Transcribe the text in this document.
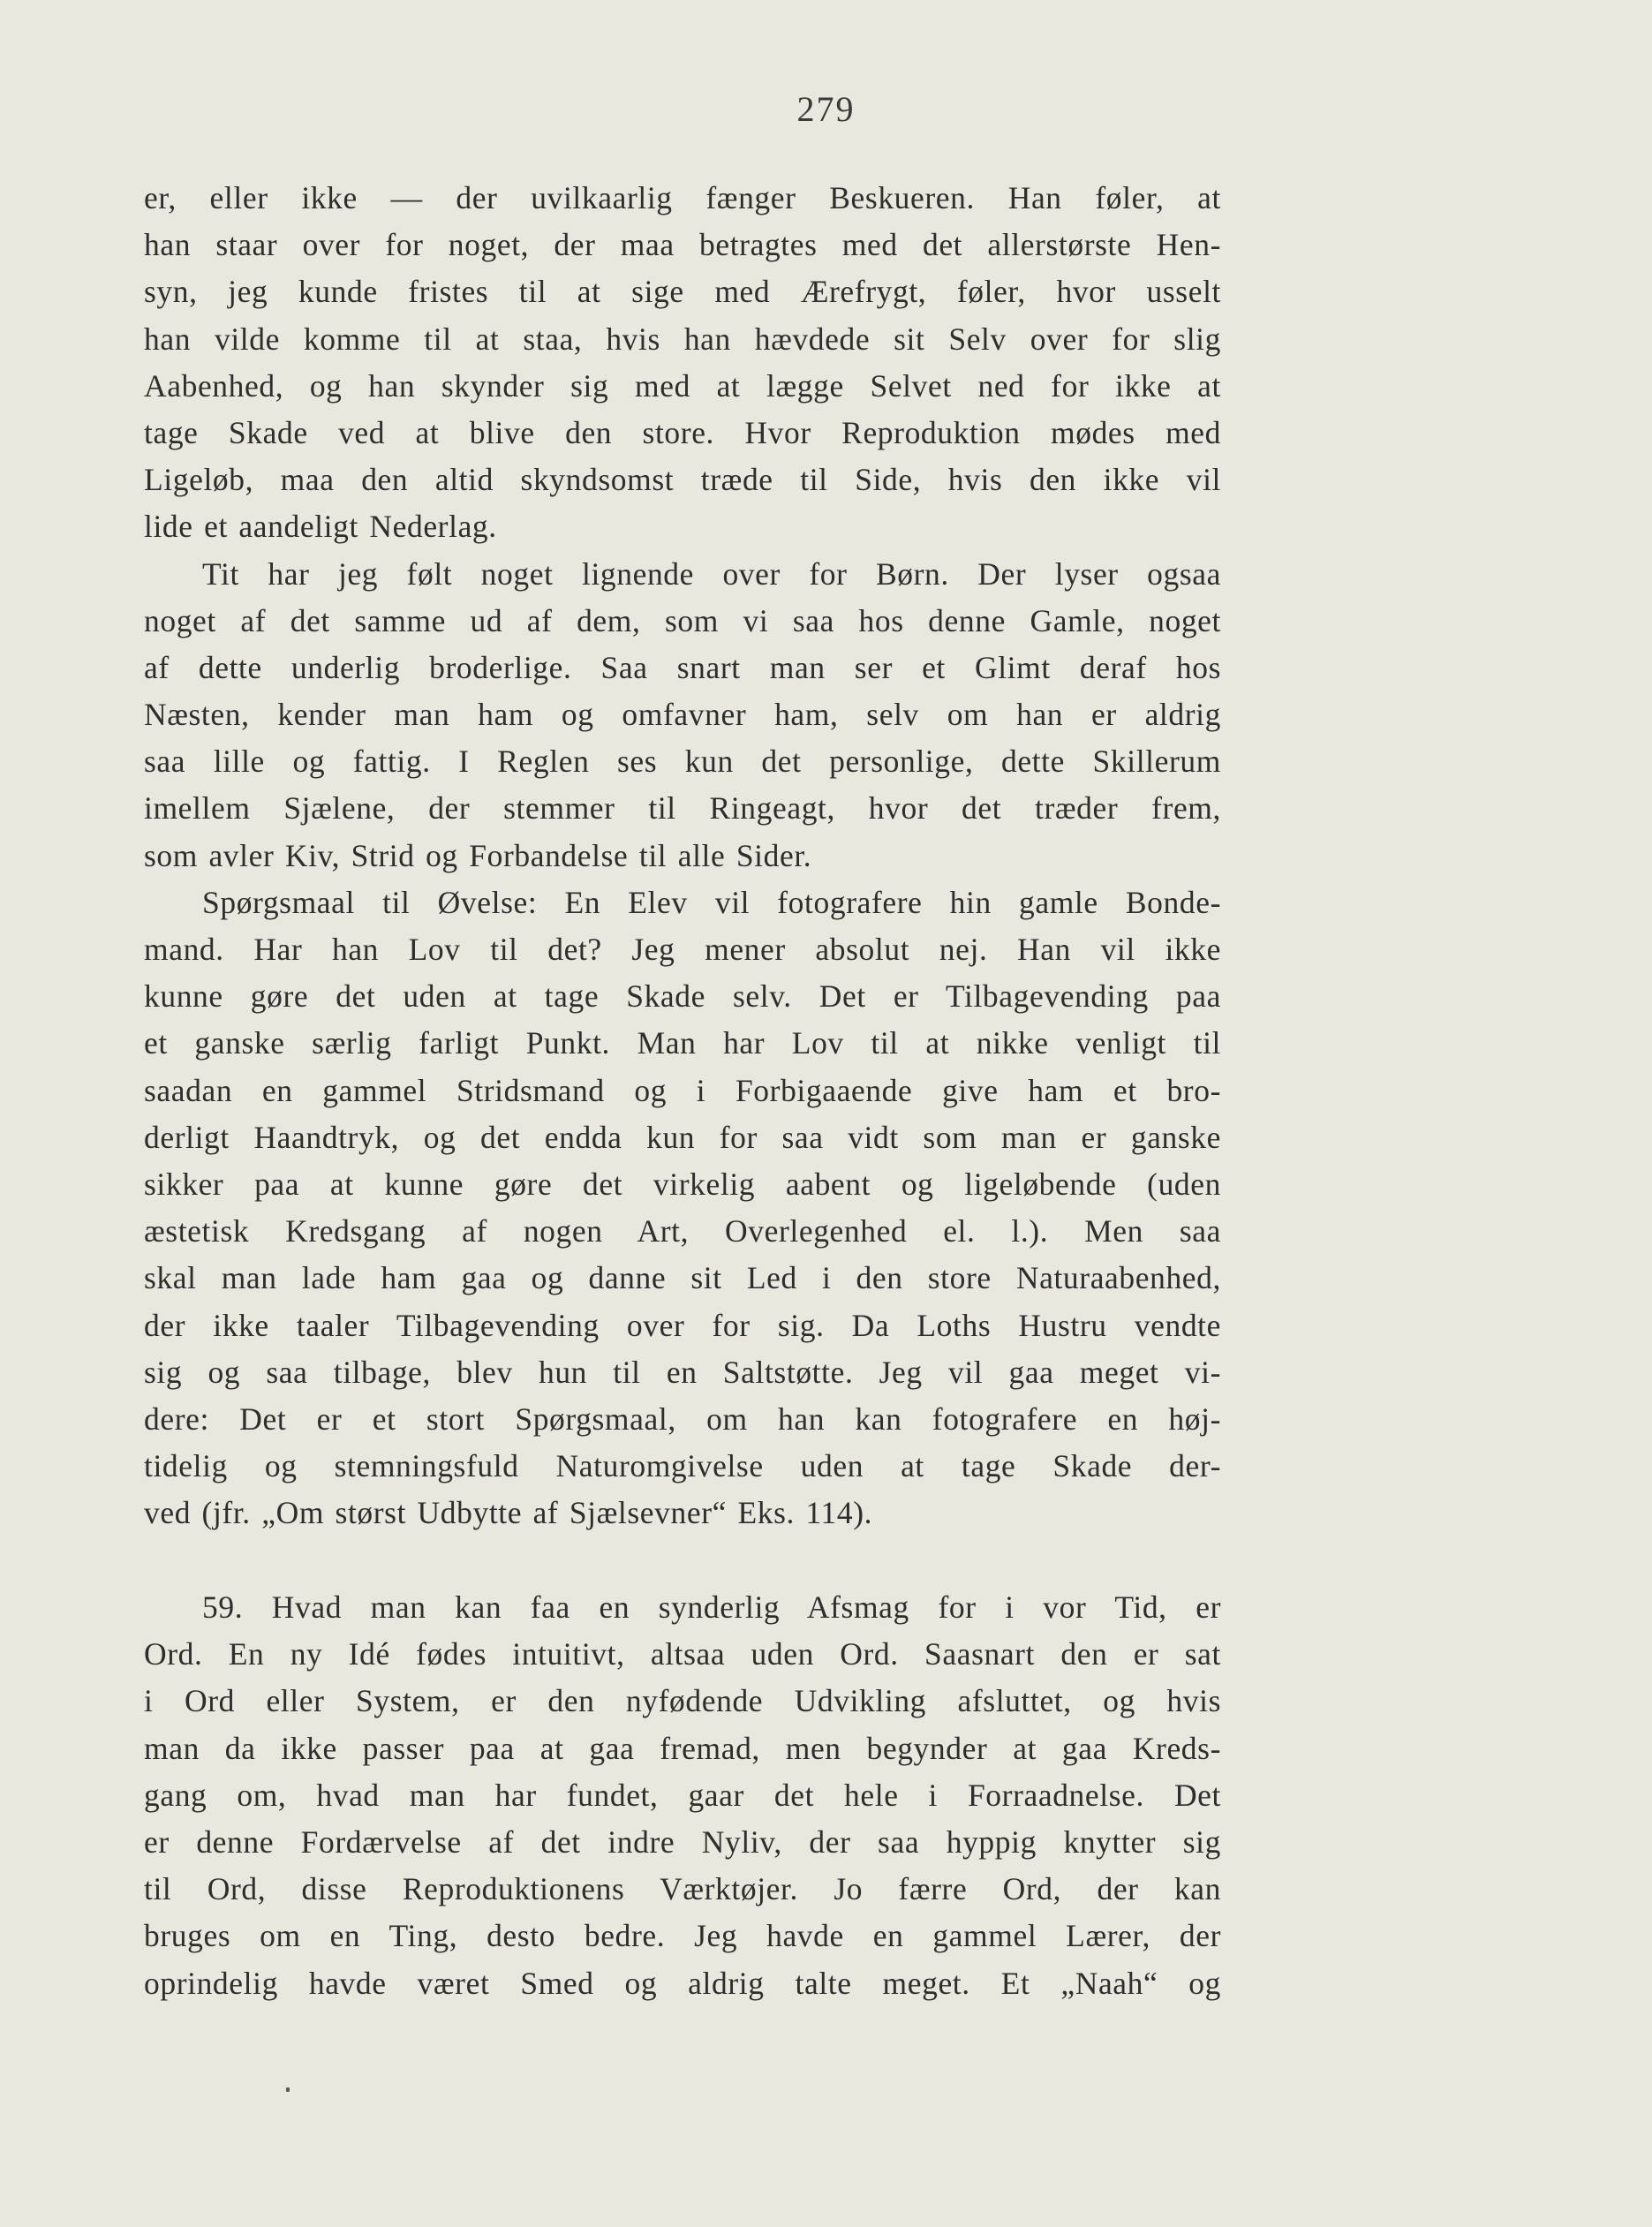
279
er, eller ikke — der uvilkaarlig fænger Beskueren. Han føler, at
han staar over for noget, der maa betragtes med det allerstørste Hen-
syn, jeg kunde fristes til at sige med Ærefrygt, føler, hvor usselt
han vilde komme til at staa, hvis han hævdede sit Selv over for slig
Aabenhed, og han skynder sig med at lægge Selvet ned for ikke at
tage Skade ved at blive den store. Hvor Reproduktion mødes med
Ligeløb, maa den altid skyndsomst træde til Side, hvis den ikke vil
lide et aandeligt Nederlag.
Tit har jeg følt noget lignende over for Børn. Der lyser ogsaa
noget af det samme ud af dem, som vi saa hos denne Gamle, noget
af dette underlig broderlige. Saa snart man ser et Glimt deraf hos
Næsten, kender man ham og omfavner ham, selv om han er aldrig
saa lille og fattig. I Reglen ses kun det personlige, dette Skillerum
imellem Sjælene, der stemmer til Ringeagt, hvor det træder frem,
som avler Kiv, Strid og Forbandelse til alle Sider.
Spørgsmaal til Øvelse: En Elev vil fotografere hin gamle Bonde-
mand. Har han Lov til det? Jeg mener absolut nej. Han vil ikke
kunne gøre det uden at tage Skade selv. Det er Tilbagevending paa
et ganske særlig farligt Punkt. Man har Lov til at nikke venligt til
saadan en gammel Stridsmand og i Forbigaaende give ham et bro-
derligt Haandtryk, og det endda kun for saa vidt som man er ganske
sikker paa at kunne gøre det virkelig aabent og ligeløbende (uden
æstetisk Kredsgang af nogen Art, Overlegenhed el. l.). Men saa
skal man lade ham gaa og danne sit Led i den store Naturaabenhed,
der ikke taaler Tilbagevending over for sig. Da Loths Hustru vendte
sig og saa tilbage, blev hun til en Saltstøtte. Jeg vil gaa meget vi-
dere: Det er et stort Spørgsmaal, om han kan fotografere en høj-
tidelig og stemningsfuld Naturomgivelse uden at tage Skade der-
ved (jfr. „Om størst Udbytte af Sjælsevner“ Eks. 114).
59. Hvad man kan faa en synderlig Afsmag for i vor Tid, er
Ord. En ny Idé fødes intuitivt, altsaa uden Ord. Saasnart den er sat
i Ord eller System, er den nyfødende Udvikling afsluttet, og hvis
man da ikke passer paa at gaa fremad, men begynder at gaa Kreds-
gang om, hvad man har fundet, gaar det hele i Forraadnelse. Det
er denne Fordærvelse af det indre Nyliv, der saa hyppig knytter sig
til Ord, disse Reproduktionens Værktøjer. Jo færre Ord, der kan
bruges om en Ting, desto bedre. Jeg havde en gammel Lærer, der
oprindelig havde været Smed og aldrig talte meget. Et „Naah“ og
